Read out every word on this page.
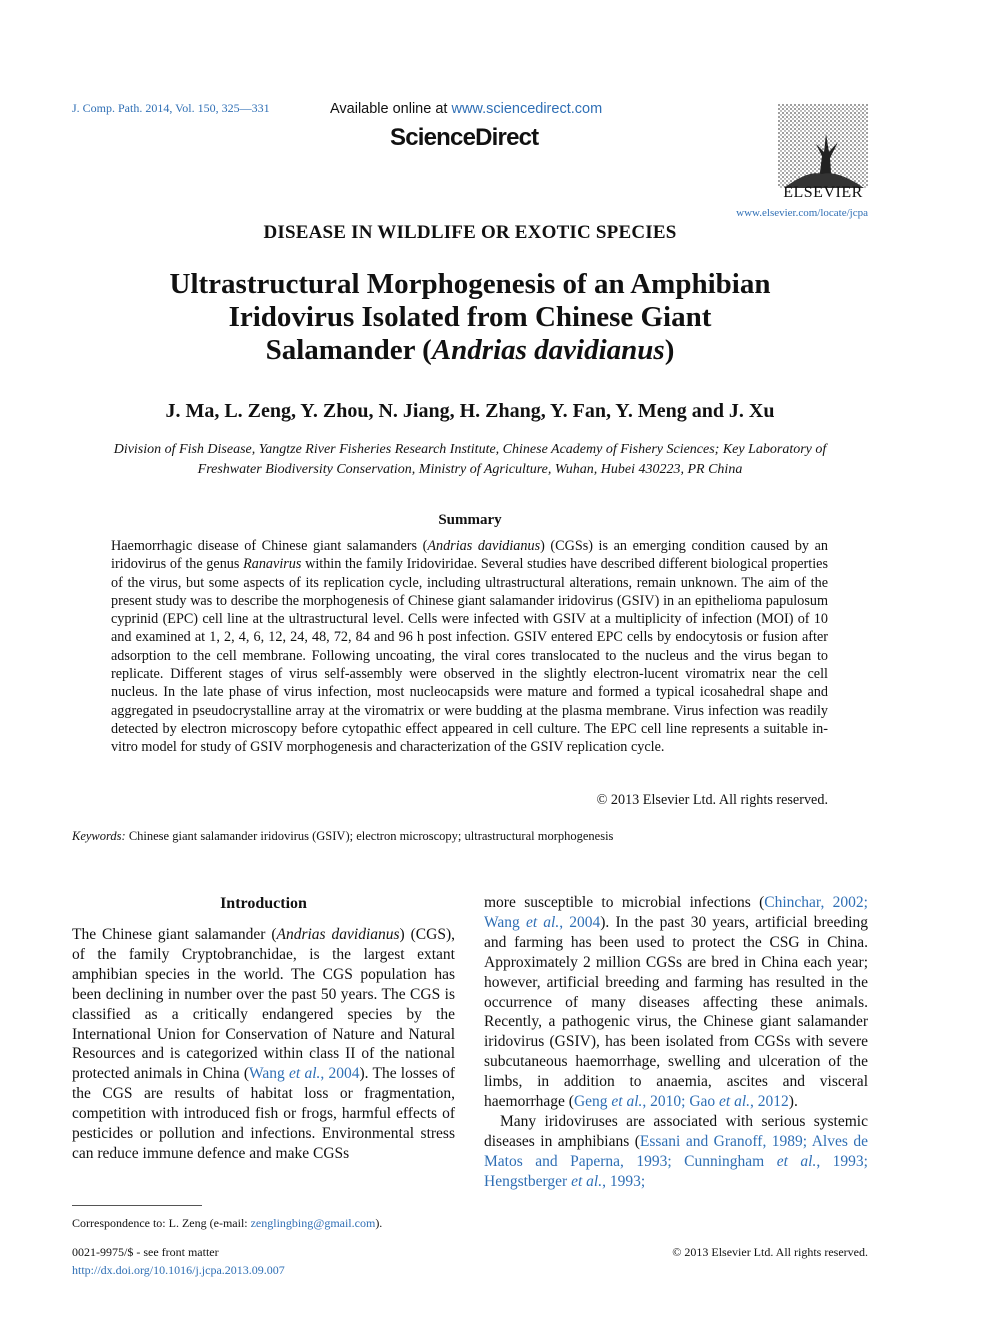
J. Comp. Path. 2014, Vol. 150, 325—331	Available online at www.sciencedirect.com
ScienceDirect
ELSEVIER
www.elsevier.com/locate/jcpa
DISEASE IN WILDLIFE OR EXOTIC SPECIES
Ultrastructural Morphogenesis of an Amphibian
Iridovirus Isolated from Chinese Giant
Salamander (Andrias davidianus)
J. Ma, L. Zeng, Y. Zhou, N. Jiang, H. Zhang, Y. Fan, Y. Meng and J. Xu
Division of Fish Disease, Yangtze River Fisheries Research Institute, Chinese Academy of Fishery Sciences; Key Laboratory of
Freshwater Biodiversity Conservation, Ministry of Agriculture, Wuhan, Hubei 430223, PR China
Summary
Haemorrhagic disease of Chinese giant salamanders (Andrias davidianus) (CGSs) is an emerging condition caused by an iridovirus of the genus Ranavirus within the family Iridoviridae. Several studies have described different biological properties of the virus, but some aspects of its replication cycle, including ultrastructural alterations, remain unknown. The aim of the present study was to describe the morphogenesis of Chinese giant salamander iridovirus (GSIV) in an epithelioma papulosum cyprinid (EPC) cell line at the ultrastructural level. Cells were infected with GSIV at a multiplicity of infection (MOI) of 10 and examined at 1, 2, 4, 6, 12, 24, 48, 72, 84 and 96 h post infection. GSIV entered EPC cells by endocytosis or fusion after adsorption to the cell membrane. Following uncoating, the viral cores translocated to the nucleus and the virus began to replicate. Different stages of virus self-assembly were observed in the slightly electron-lucent viromatrix near the cell nucleus. In the late phase of virus infection, most nucleocapsids were mature and formed a typical icosahedral shape and aggregated in pseudocrystalline array at the viromatrix or were budding at the plasma membrane. Virus infection was readily detected by electron microscopy before cytopathic effect appeared in cell culture. The EPC cell line represents a suitable in-vitro model for study of GSIV morphogenesis and characterization of the GSIV replication cycle.
© 2013 Elsevier Ltd. All rights reserved.
Keywords: Chinese giant salamander iridovirus (GSIV); electron microscopy; ultrastructural morphogenesis
Introduction
The Chinese giant salamander (Andrias davidianus) (CGS), of the family Cryptobranchidae, is the largest extant amphibian species in the world. The CGS population has been declining in number over the past 50 years. The CGS is classified as a critically endangered species by the International Union for Conservation of Nature and Natural Resources and is categorized within class II of the national protected animals in China (Wang et al., 2004). The losses of the CGS are results of habitat loss or fragmentation, competition with introduced fish or frogs, harmful effects of pesticides or pollution and infections. Environmental stress can reduce immune defence and make CGSs

more susceptible to microbial infections (Chinchar, 2002; Wang et al., 2004). In the past 30 years, artificial breeding and farming has been used to protect the CSG in China. Approximately 2 million CGSs are bred in China each year; however, artificial breeding and farming has resulted in the occurrence of many diseases affecting these animals. Recently, a pathogenic virus, the Chinese giant salamander iridovirus (GSIV), has been isolated from CGSs with severe subcutaneous haemorrhage, swelling and ulceration of the limbs, in addition to anaemia, ascites and visceral haemorrhage (Geng et al., 2010; Gao et al., 2012).

Many iridoviruses are associated with serious systemic diseases in amphibians (Essani and Granoff, 1989; Alves de Matos and Paperna, 1993; Cunningham et al., 1993; Hengstberger et al., 1993;

Correspondence to: L. Zeng (e-mail: zenglingbing@gmail.com).
0021-9975/$ - see front matter
http://dx.doi.org/10.1016/j.jcpa.2013.09.007
© 2013 Elsevier Ltd. All rights reserved.
